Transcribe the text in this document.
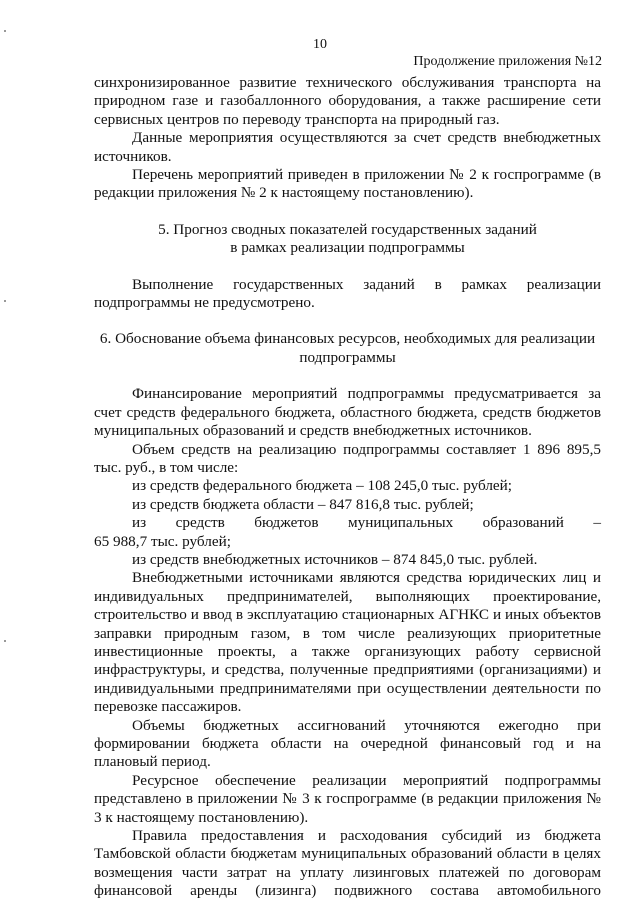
10
Продолжение приложения №12

синхронизированное развитие технического обслуживания транспорта на природном газе и газобаллонного оборудования, а также расширение сети сервисных центров по переводу транспорта на природный газ.

Данные мероприятия осуществляются за счет средств внебюджетных источников.

Перечень мероприятий приведен в приложении № 2 к госпрограмме (в редакции приложения № 2 к настоящему постановлению).

5. Прогноз сводных показателей государственных заданий

в рамках реализации подпрограммы

Выполнение государственных заданий в рамках реализации подпрограммы не предусмотрено.

6. Обоснование объема финансовых ресурсов, необходимых для реализации

подпрограммы

Финансирование мероприятий подпрограммы предусматривается за счет средств федерального бюджета, областного бюджета, средств бюджетов муниципальных образований и средств внебюджетных источников.

Объем средств на реализацию подпрограммы составляет 1 896 895,5 тыс. руб., в том числе:

из средств федерального бюджета – 108 245,0 тыс. рублей;

из средств бюджета области – 847 816,8 тыс. рублей;

из средств бюджетов муниципальных образований –

65 988,7 тыс. рублей;

из средств внебюджетных источников – 874 845,0 тыс. рублей.

Внебюджетными источниками являются средства юридических лиц и индивидуальных предпринимателей, выполняющих проектирование, строительство и ввод в эксплуатацию стационарных АГНКС и иных объектов заправки природным газом, в том числе реализующих приоритетные инвестиционные проекты, а также организующих работу сервисной инфраструктуры, и средства, полученные предприятиями (организациями) и индивидуальными предпринимателями при осуществлении деятельности по перевозке пассажиров.

Объемы бюджетных ассигнований уточняются ежегодно при формировании бюджета области на очередной финансовый год и на плановый период.

Ресурсное обеспечение реализации мероприятий подпрограммы представлено в приложении № 3 к госпрограмме (в редакции приложения № 3 к настоящему постановлению).

Правила предоставления и расходования субсидий из бюджета Тамбовской области бюджетам муниципальных образований области в целях возмещения части затрат на уплату лизинговых платежей по договорам финансовой аренды (лизинга) подвижного состава автомобильного
